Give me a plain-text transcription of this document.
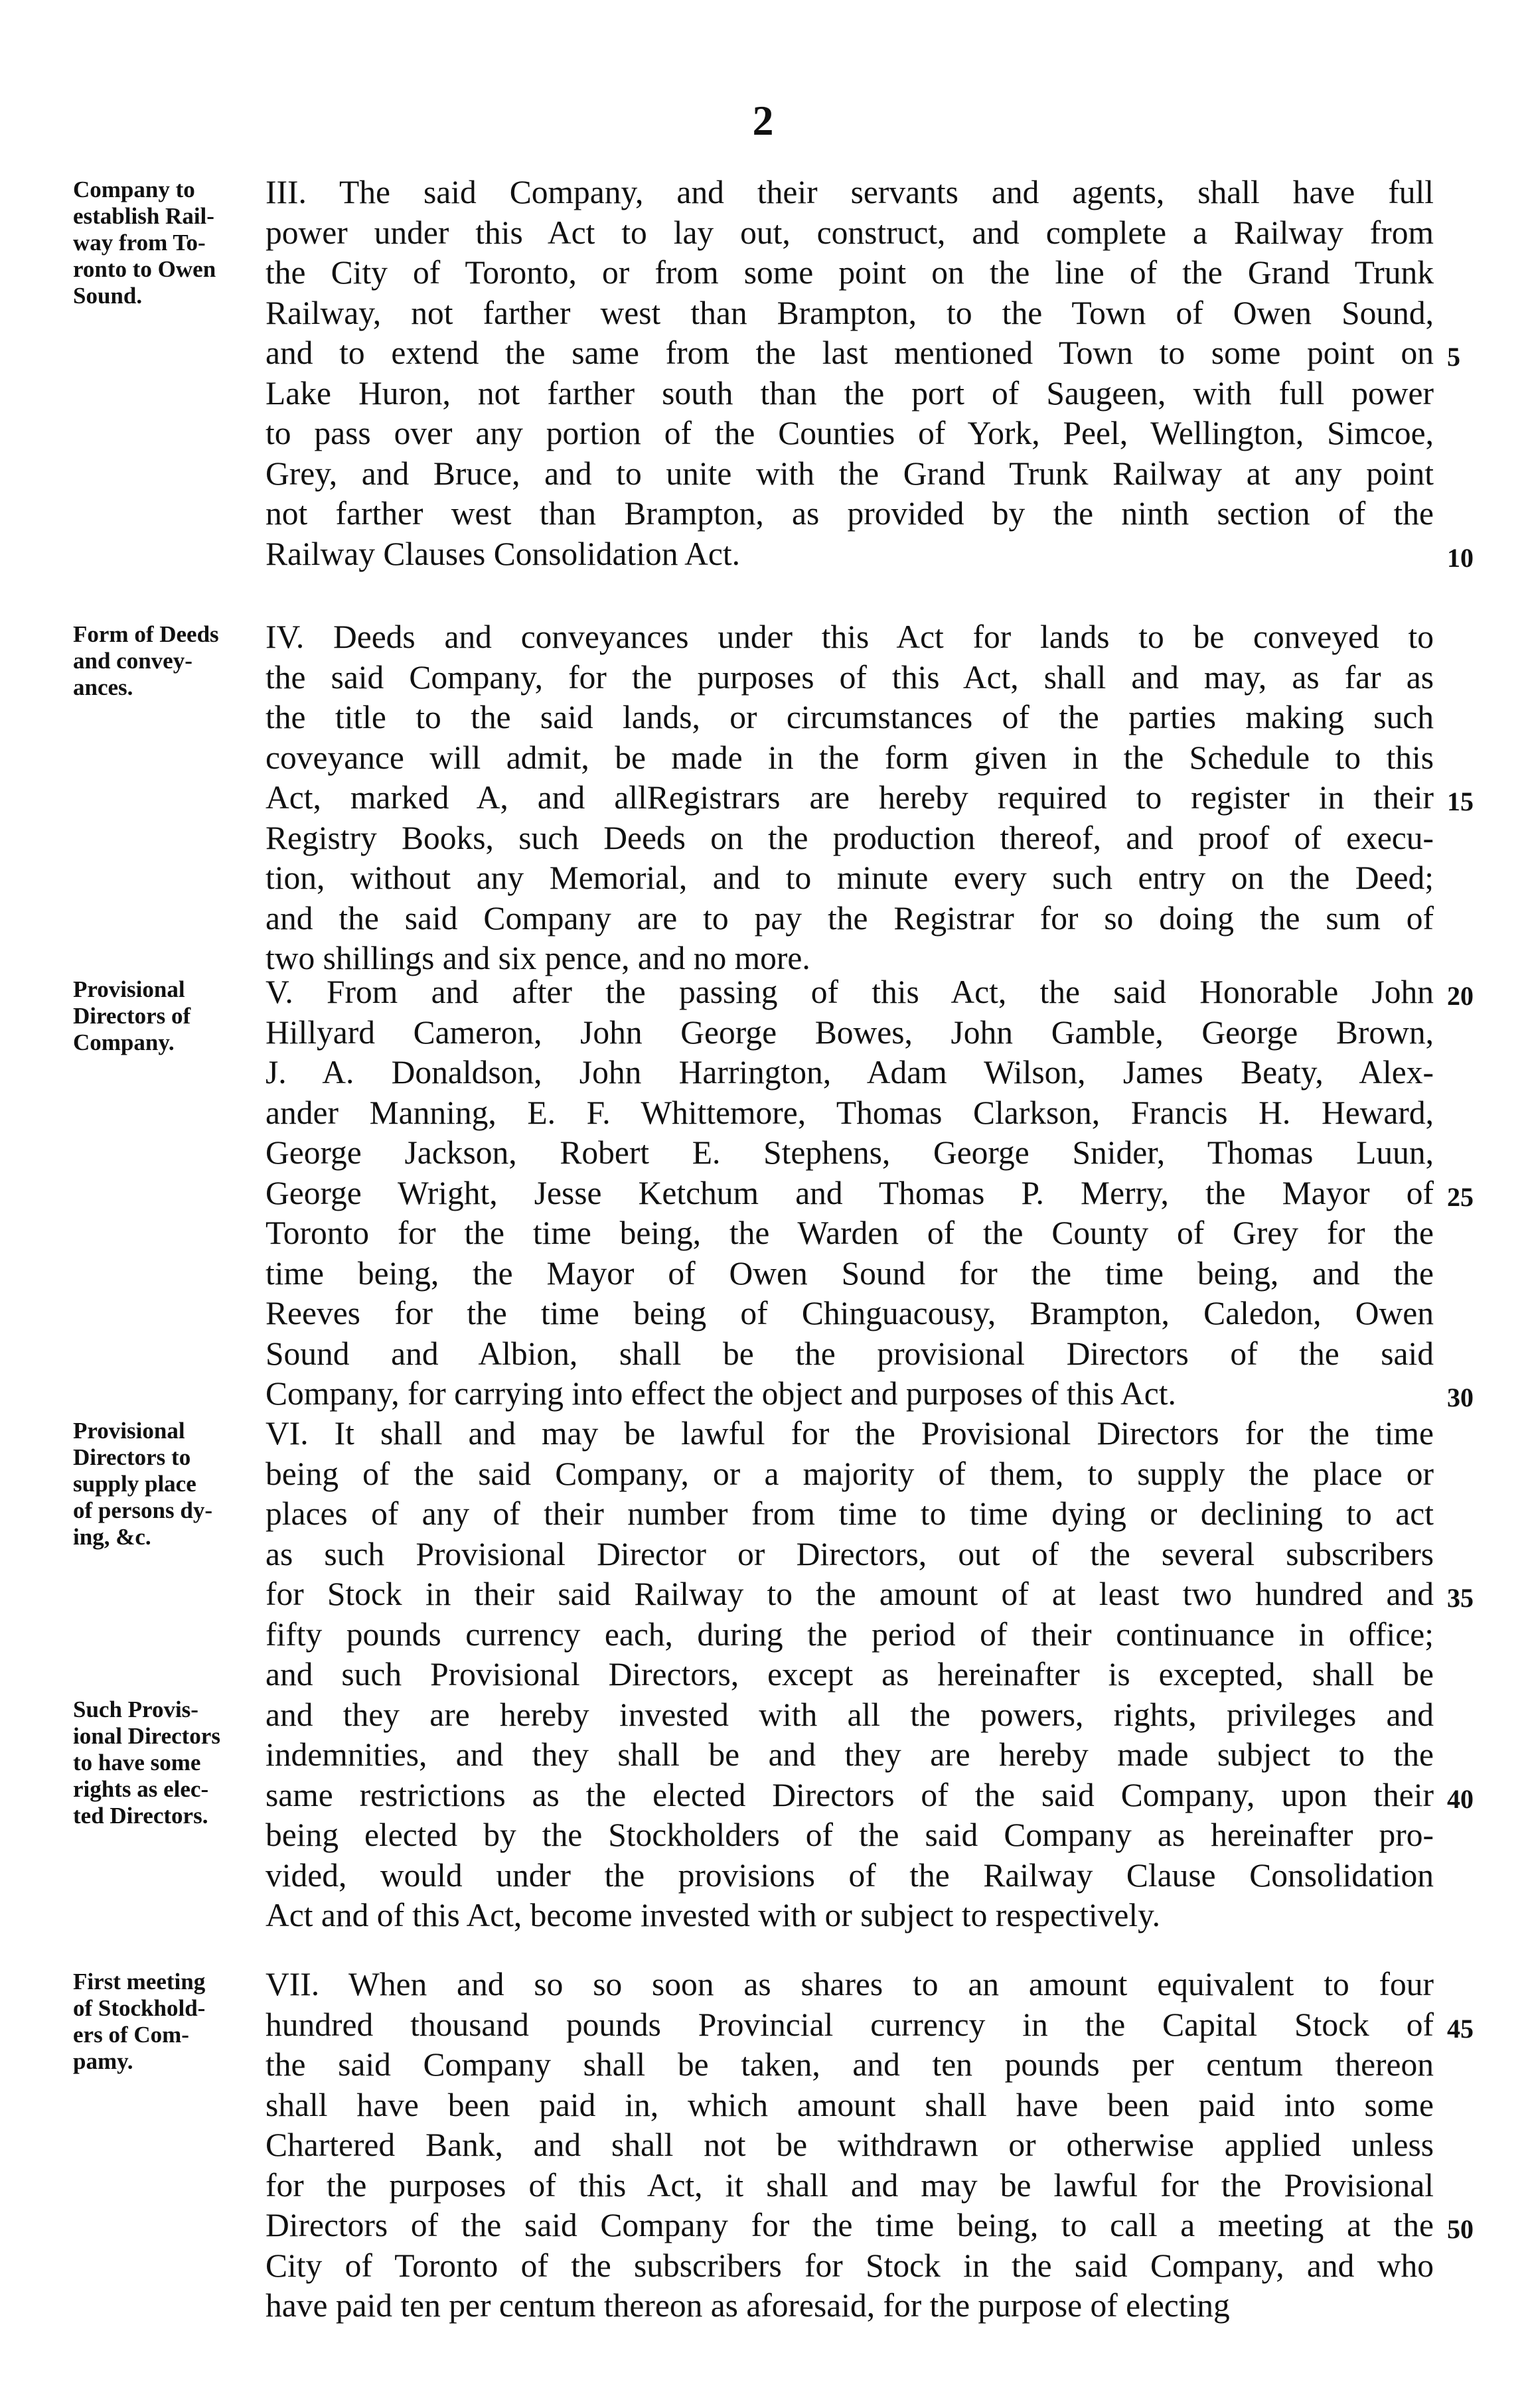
2
Company to
establish Rail-
way from To-
ronto to Owen
Sound.
III. The said Company, and their servants and agents, shall have full
power under this Act to lay out, construct, and complete a Railway from
the City of Toronto, or from some point on the line of the Grand Trunk
Railway, not farther west than Brampton, to the Town of Owen Sound,
and to extend the same from the last mentioned Town to some point on
Lake Huron, not farther south than the port of Saugeen, with full power
to pass over any portion of the Counties of York, Peel, Wellington, Simcoe,
Grey, and Bruce, and to unite with the Grand Trunk Railway at any point
not farther west than Brampton, as provided by the ninth section of the
Railway Clauses Consolidation Act.
5
10
Form of Deeds
and convey-
ances.
IV. Deeds and conveyances under this Act for lands to be conveyed to
the said Company, for the purposes of this Act, shall and may, as far as
the title to the said lands, or circumstances of the parties making such
coveyance will admit, be made in the form given in the Schedule to this
Act, marked A, and allRegistrars are hereby required to register in their
Registry Books, such Deeds on the production thereof, and proof of execu-
tion, without any Memorial, and to minute every such entry on the Deed;
and the said Company are to pay the Registrar for so doing the sum of
two shillings and six pence, and no more.
15
Provisional
Directors of
Company.
V. From and after the passing of this Act, the said Honorable John
Hillyard Cameron, John George Bowes, John Gamble, George Brown,
J. A. Donaldson, John Harrington, Adam Wilson, James Beaty, Alex-
ander Manning, E. F. Whittemore, Thomas Clarkson, Francis H. Heward,
George Jackson, Robert E. Stephens, George Snider, Thomas Luun,
George Wright, Jesse Ketchum and Thomas P. Merry, the Mayor of
Toronto for the time being, the Warden of the County of Grey for the
time being, the Mayor of Owen Sound for the time being, and the
Reeves for the time being of Chinguacousy, Brampton, Caledon, Owen
Sound and Albion, shall be the provisional Directors of the said
Company, for carrying into effect the object and purposes of this Act.
20
25
30
Provisional
Directors to
supply place
of persons dy-
ing, &c.
Such Provis-
ional Directors
to have some
rights as elec-
ted Directors.
VI. It shall and may be lawful for the Provisional Directors for the time
being of the said Company, or a majority of them, to supply the place or
places of any of their number from time to time dying or declining to act
as such Provisional Director or Directors, out of the several subscribers
for Stock in their said Railway to the amount of at least two hundred and
fifty pounds currency each, during the period of their continuance in office;
and such Provisional Directors, except as hereinafter is excepted, shall be
and they are hereby invested with all the powers, rights, privileges and
indemnities, and they shall be and they are hereby made subject to the
same restrictions as the elected Directors of the said Company, upon their
being elected by the Stockholders of the said Company as hereinafter pro-
vided, would under the provisions of the Railway Clause Consolidation
Act and of this Act, become invested with or subject to respectively.
35
40
First meeting
of Stockhold-
ers of Com-
pamy.
VII. When and so so soon as shares to an amount equivalent to four
hundred thousand pounds Provincial currency in the Capital Stock of
the said Company shall be taken, and ten pounds per centum thereon
shall have been paid in, which amount shall have been paid into some
Chartered Bank, and shall not be withdrawn or otherwise applied unless
for the purposes of this Act, it shall and may be lawful for the Provisional
Directors of the said Company for the time being, to call a meeting at the
City of Toronto of the subscribers for Stock in the said Company, and who
have paid ten per centum thereon as aforesaid, for the purpose of electing
45
50
